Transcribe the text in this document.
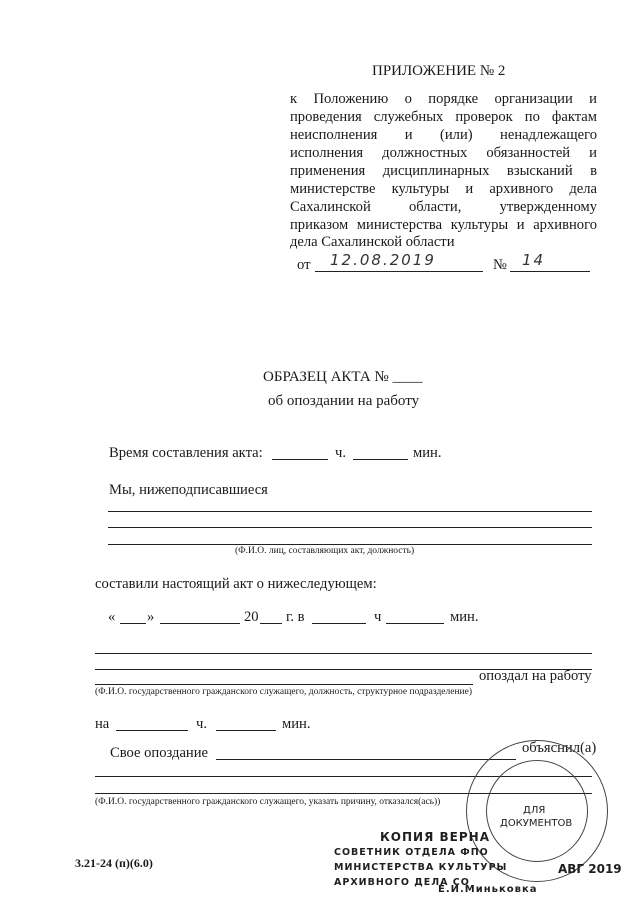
ПРИЛОЖЕНИЕ № 2
к Положению о порядке организации и
проведения служебных проверок по фактам
неисполнения и (или) ненадлежащего
исполнения должностных обязанностей и
применения дисциплинарных взысканий в
министерстве культуры и архивного дела
Сахалинской области, утвержденному
приказом министерства культуры и архивного
дела Сахалинской области
от 12.08.2019	№ 14
ОБРАЗЕЦ АКТА № ____
об опоздании на работу
Время составления акта:	ч.	мин.
Мы, нижеподписавшиеся
(Ф.И.О. лиц, составляющих акт, должность)
составили настоящий акт о нижеследующем:
« »	20 г. в	ч	мин.
опоздал на работу
(Ф.И.О. государственного гражданского служащего, должность, структурное подразделение)
на	ч.	мин.
Свое опоздание	объяснил(а)
(Ф.И.О. государственного гражданского служащего, указать причину, отказался(ась))
3.21-24 (п)(6.0)
ДЛЯ
ДОКУМЕНТОВ
КОПИЯ ВЕРНА
СОВЕТНИК ОТДЕЛА ФПО
МИНИСТЕРСТВА КУЛЬТУРЫ
АРХИВНОГО ДЕЛА СО
Е.И.Миньковка
АВГ 2019
